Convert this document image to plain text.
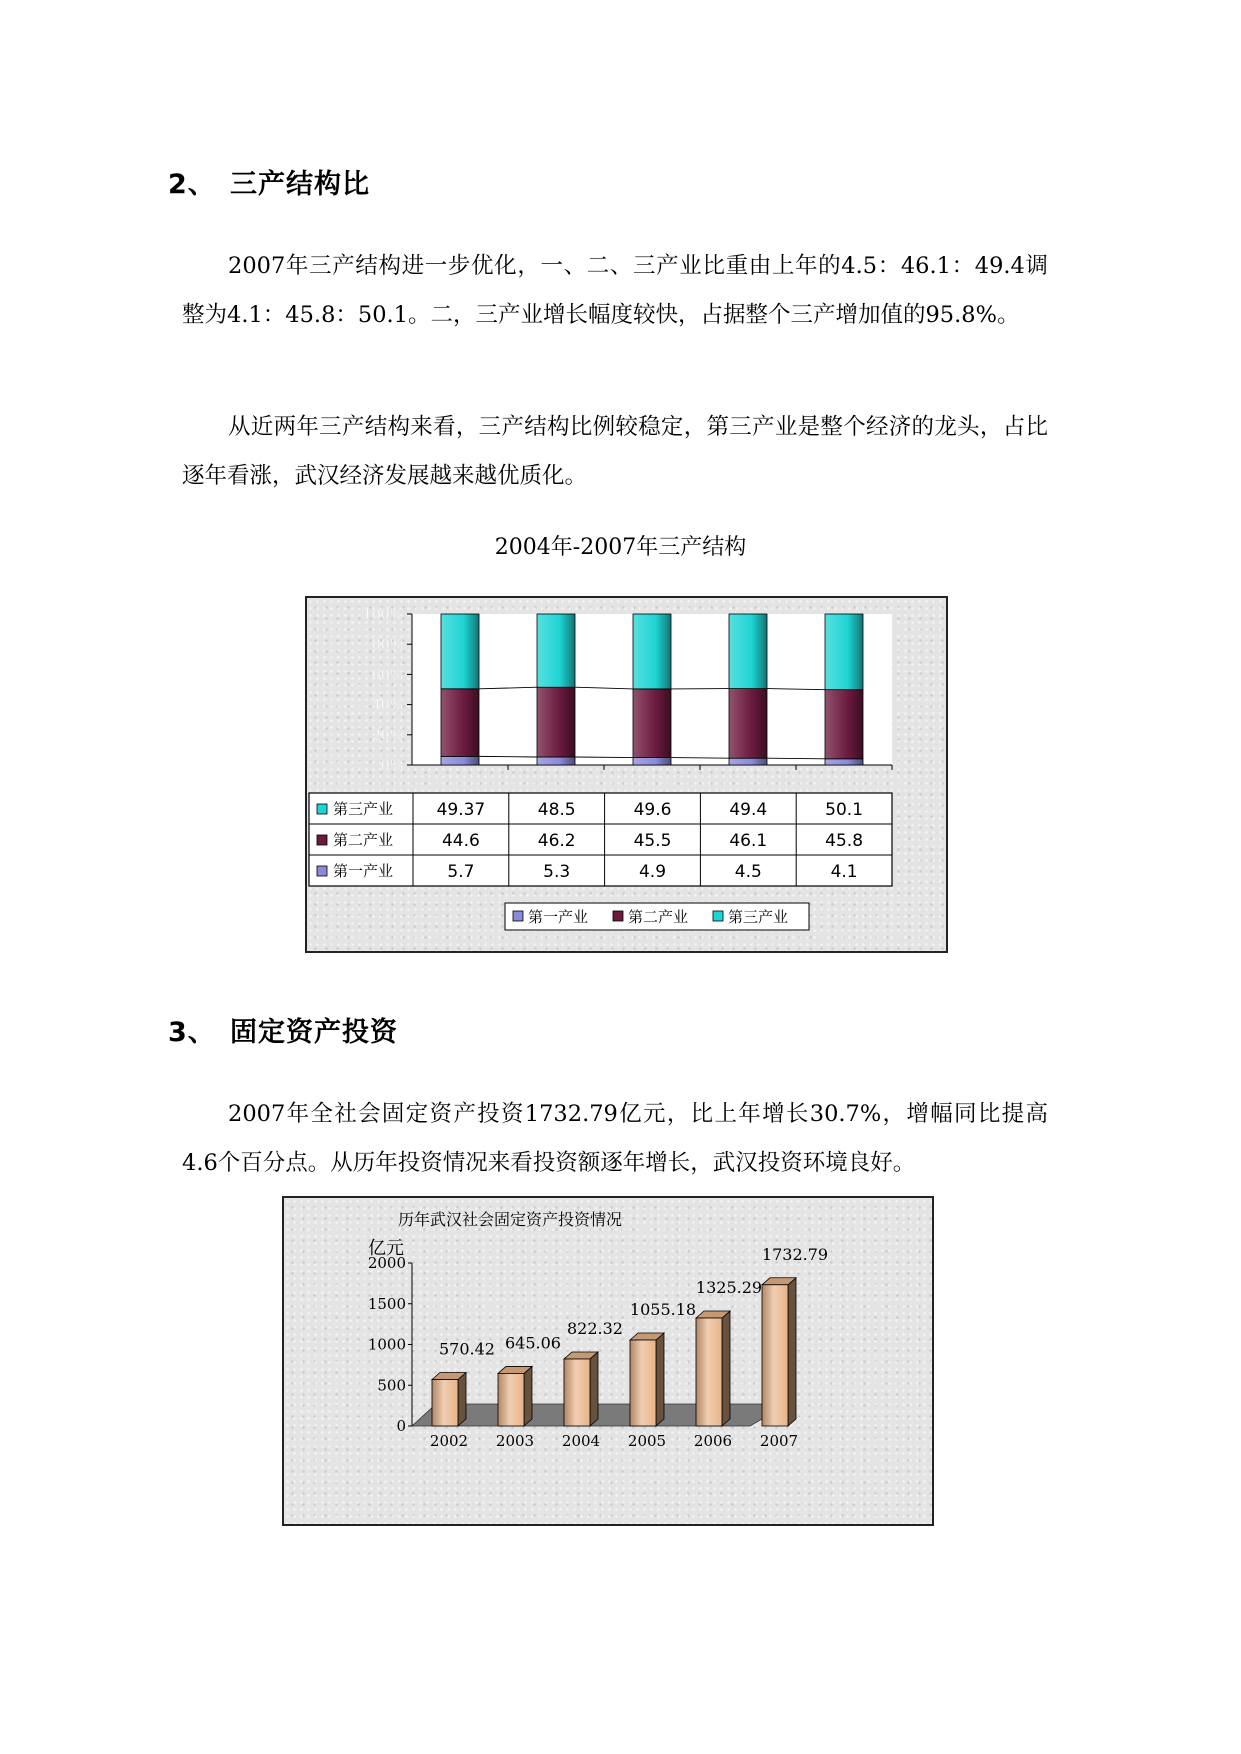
2、 三产结构比

2007年三产结构进一步优化，一、二、三产业比重由上年的4.5：46.1：49.4调整为4.1：45.8：50.1。二，三产业增长幅度较快，占据整个三产增加值的95.8%。

从近两年三产结构来看，三产结构比例较稳定，第三产业是整个经济的龙头，占比逐年看涨，武汉经济发展越来越优质化。

2004年-2007年三产结构
0%
20%
40%
60%
80%
100%
第三产业	49.37	48.5	49.6	49.4	50.1
第二产业	44.6	46.2	45.5	46.1	45.8
第一产业	5.7	5.3	4.9	4.5	4.1
第一产业	第二产业	第三产业
3、 固定资产投资

2007年全社会固定资产投资1732.79亿元，比上年增长30.7%，增幅同比提高4.6个百分点。从历年投资情况来看投资额逐年增长，武汉投资环境良好。

历年武汉社会固定资产投资情况
亿元
0
500
1000
1500
2000
570.42
2002
645.06
2003
822.32
2004
1055.18
2005
1325.29
2006
1732.79
2007
